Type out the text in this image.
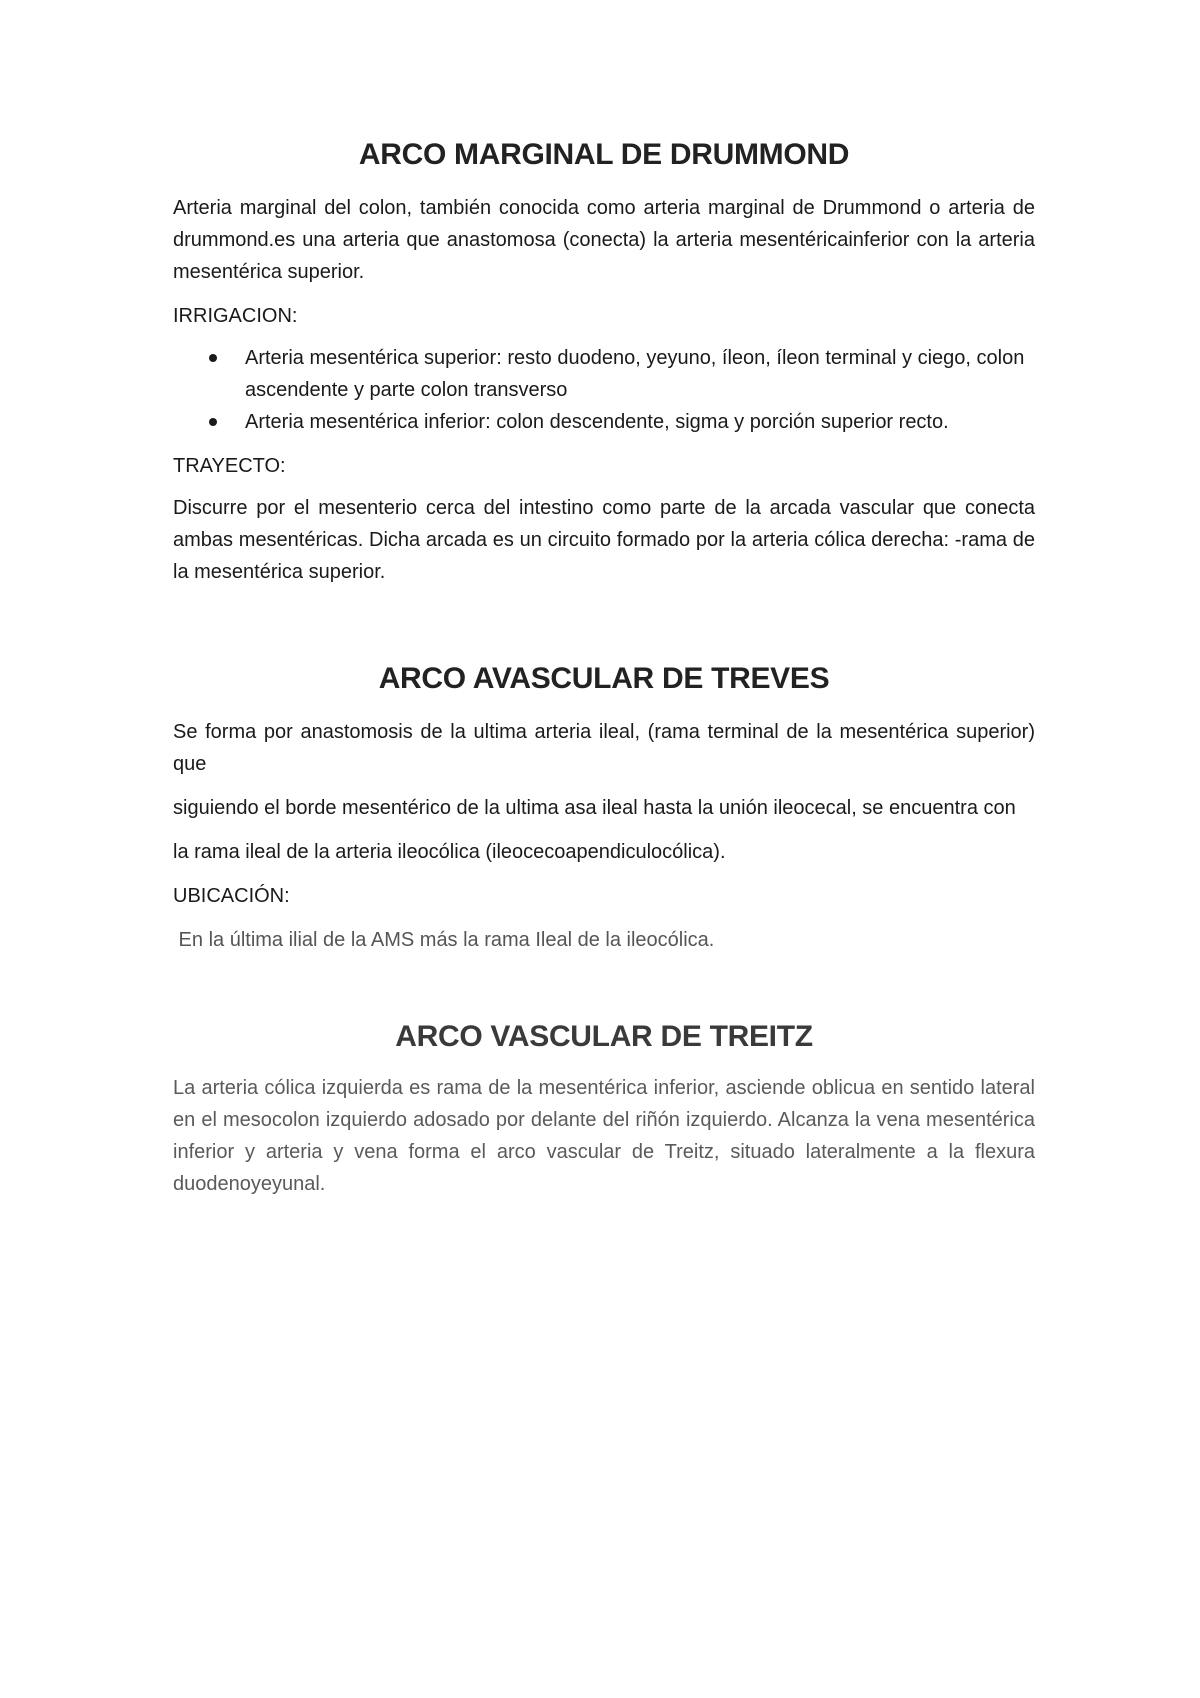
ARCO MARGINAL DE DRUMMOND

Arteria marginal del colon, también conocida como arteria marginal de Drummond o arteria de drummond.es una arteria que anastomosa (conecta) la arteria mesentéricainferior con la arteria mesentérica superior.

IRRIGACION:

Arteria mesentérica superior: resto duodeno, yeyuno, íleon, íleon terminal y ciego, colon ascendente y parte colon transverso
Arteria mesentérica inferior: colon descendente, sigma y porción superior recto.

TRAYECTO:

Discurre por el mesenterio cerca del intestino como parte de la arcada vascular que conecta ambas mesentéricas. Dicha arcada es un circuito formado por la arteria cólica derecha: -rama de la mesentérica superior.

ARCO AVASCULAR DE TREVES

Se forma por anastomosis de la ultima arteria ileal, (rama terminal de la mesentérica superior) que

siguiendo el borde mesentérico de la ultima asa ileal hasta la unión ileocecal, se encuentra con

la rama ileal de la arteria ileocólica (ileocecoapendiculocólica).

UBICACIÓN:

En la última ilial de la AMS más la rama Ileal de la ileocólica.

ARCO VASCULAR DE TREITZ

La arteria cólica izquierda es rama de la mesentérica inferior, asciende oblicua en sentido lateral en el mesocolon izquierdo adosado por delante del riñón izquierdo. Alcanza la vena mesentérica inferior y arteria y vena forma el arco vascular de Treitz, situado lateralmente a la flexura duodenoyeyunal.
